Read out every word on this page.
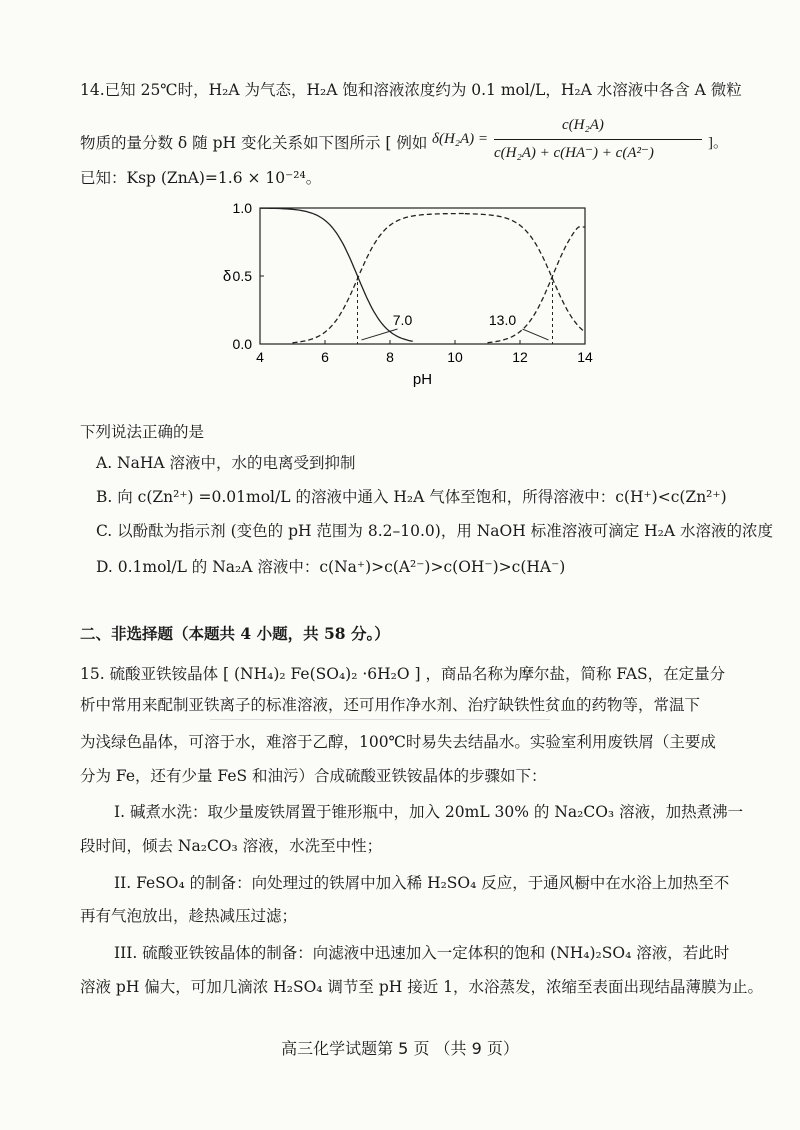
14.已知 25℃时，H₂A 为气态，H₂A 饱和溶液浓度约为 0.1 mol/L，H₂A 水溶液中各含 A 微粒
物质的量分数 δ 随 pH 变化关系如下图所示 [ 例如 δ(H₂A) =
c(H₂A)
c(H₂A) + c(HA⁻) + c(A²⁻)
]。
已知：Ksp (ZnA)=1.6 × 10⁻²⁴。
4	6	8	10	12	14
0.0
0.5
1.0
pH
δ
7.0	13.0
下列说法正确的是
A. NaHA 溶液中，水的电离受到抑制
B. 向 c(Zn²⁺) =0.01mol/L 的溶液中通入 H₂A 气体至饱和，所得溶液中：c(H⁺)<c(Zn²⁺)
C. 以酚酞为指示剂 (变色的 pH 范围为 8.2–10.0)，用 NaOH 标准溶液可滴定 H₂A 水溶液的浓度
D. 0.1mol/L 的 Na₂A 溶液中：c(Na⁺)>c(A²⁻)>c(OH⁻)>c(HA⁻)
二、非选择题（本题共 4 小题，共 58 分。）
15. 硫酸亚铁铵晶体 [ (NH₄)₂ Fe(SO₄)₂ ·6H₂O ] ，商品名称为摩尔盐，简称 FAS，在定量分
析中常用来配制亚铁离子的标准溶液，还可用作净水剂、治疗缺铁性贫血的药物等，常温下
为浅绿色晶体，可溶于水，难溶于乙醇，100℃时易失去结晶水。实验室利用废铁屑（主要成
分为 Fe，还有少量 FeS 和油污）合成硫酸亚铁铵晶体的步骤如下：
I. 碱煮水洗：取少量废铁屑置于锥形瓶中，加入 20mL 30% 的 Na₂CO₃ 溶液，加热煮沸一
段时间，倾去 Na₂CO₃ 溶液，水洗至中性；
II. FeSO₄ 的制备：向处理过的铁屑中加入稀 H₂SO₄ 反应，于通风橱中在水浴上加热至不
再有气泡放出，趁热减压过滤；
III. 硫酸亚铁铵晶体的制备：向滤液中迅速加入一定体积的饱和 (NH₄)₂SO₄ 溶液，若此时
溶液 pH 偏大，可加几滴浓 H₂SO₄ 调节至 pH 接近 1，水浴蒸发，浓缩至表面出现结晶薄膜为止。
高三化学试题第 5 页 （共 9 页）
